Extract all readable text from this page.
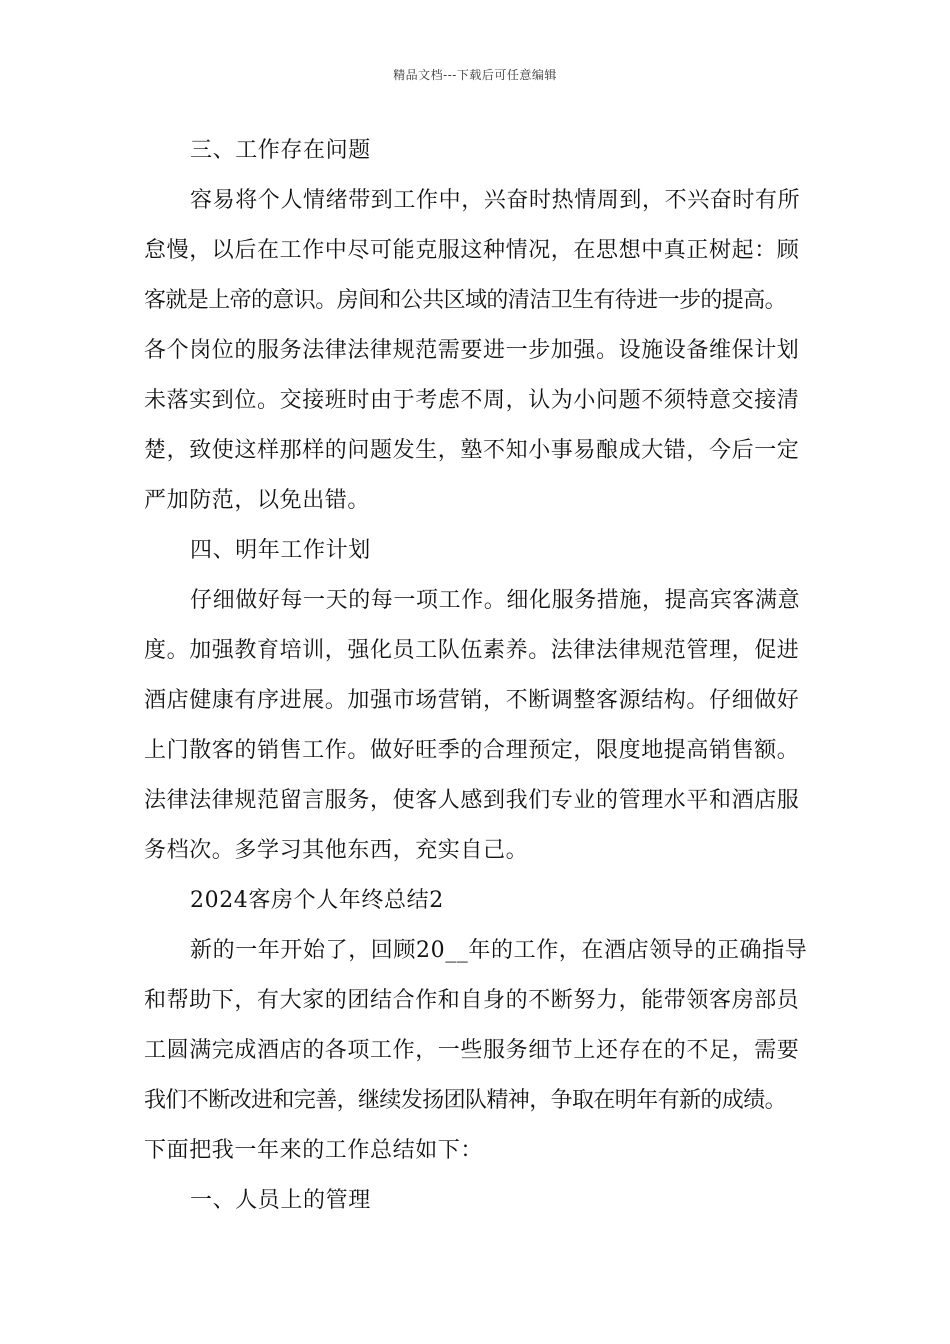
精品文档---下载后可任意编辑
三、工作存在问题
容易将个人情绪带到工作中，兴奋时热情周到，不兴奋时有所
怠慢，以后在工作中尽可能克服这种情况，在思想中真正树起：顾
客就是上帝的意识。房间和公共区域的清洁卫生有待进一步的提高。
各个岗位的服务法律法律规范需要进一步加强。设施设备维保计划
未落实到位。交接班时由于考虑不周，认为小问题不须特意交接清
楚，致使这样那样的问题发生，塾不知小事易酿成大错，今后一定
严加防范，以免出错。
四、明年工作计划
仔细做好每一天的每一项工作。细化服务措施，提高宾客满意
度。加强教育培训，强化员工队伍素养。法律法律规范管理，促进
酒店健康有序进展。加强市场营销，不断调整客源结构。仔细做好
上门散客的销售工作。做好旺季的合理预定，限度地提高销售额。
法律法律规范留言服务，使客人感到我们专业的管理水平和酒店服
务档次。多学习其他东西，充实自己。
2024客房个人年终总结2
新的一年开始了，回顾20__年的工作，在酒店领导的正确指导
和帮助下，有大家的团结合作和自身的不断努力，能带领客房部员
工圆满完成酒店的各项工作，一些服务细节上还存在的不足，需要
我们不断改进和完善，继续发扬团队精神，争取在明年有新的成绩。
下面把我一年来的工作总结如下：
一、人员上的管理
